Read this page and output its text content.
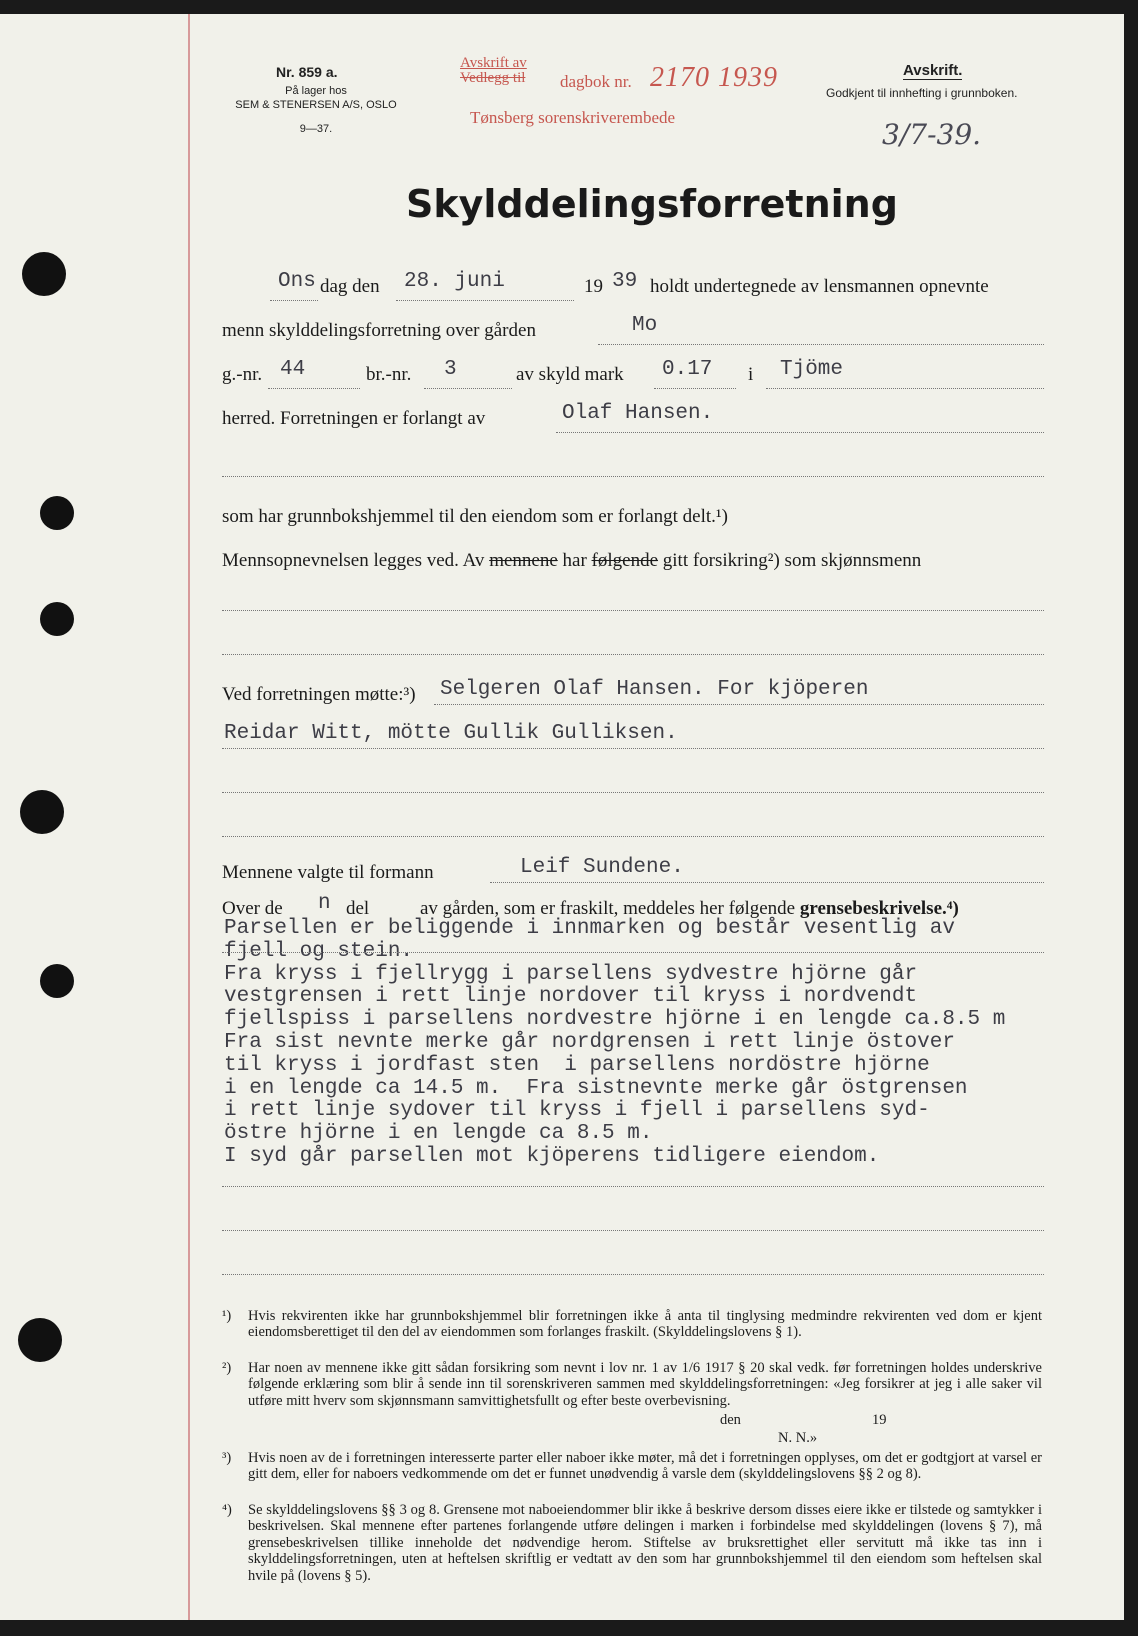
Nr. 859 a.
På lager hos
SEM & STENERSEN A/S, OSLO
9—37.
Avskrift av
Vedlegg til dagbok nr. 2170 1939
Tønsberg sorenskriverembede
Avskrift.
Godkjent til innhefting i grunnboken.
3/7-39.
Skylddelingsforretning
Ons dag den 28. juni	19 39 holdt undertegnede av lensmannen opnevnte
menn skylddelingsforretning over gården	Mo
g.-nr. 44	br.-nr. 3	av skyld mark 0.17 i Tjöme
herred. Forretningen er forlangt av	Olaf Hansen.
som har grunnbokshjemmel til den eiendom som er forlangt delt.¹)
Mennsopnevnelsen legges ved. Av mennene har følgende gitt forsikring²) som skjønnsmenn
Ved forretningen møtte:³) Selgeren Olaf Hansen. For kjöperen
Reidar Witt, mötte Gullik Gulliksen.
Mennene valgte til formann	Leif Sundene.
Over de n del	av gården, som er fraskilt, meddeles her følgende grensebeskrivelse.⁴)
Parsellen er beliggende i innmarken og består vesentlig av
fjell og stein.
Fra kryss i fjellrygg i parsellens sydvestre hjörne går
vestgrensen i rett linje nordover til kryss i nordvendt
fjellspiss i parsellens nordvestre hjörne i en lengde ca.8.5 m
Fra sist nevnte merke går nordgrensen i rett linje östover
til kryss i jordfast sten  i parsellens nordöstre hjörne
i en lengde ca 14.5 m.  Fra sistnevnte merke går östgrensen
i rett linje sydover til kryss i fjell i parsellens syd-
östre hjörne i en lengde ca 8.5 m.
I syd går parsellen mot kjöperens tidligere eiendom.
¹) Hvis rekvirenten ikke har grunnbokshjemmel blir forretningen ikke å anta til tinglysing medmindre rekvirenten ved dom er kjent eiendomsberettiget til den del av eiendommen som forlanges fraskilt. (Skylddelingslovens § 1).
²) Har noen av mennene ikke gitt sådan forsikring som nevnt i lov nr. 1 av 1/6 1917 § 20 skal vedk. før forretningen holdes underskrive følgende erklæring som blir å sende inn til sorenskriveren sammen med skylddelingsforretningen: «Jeg forsikrer at jeg i alle saker vil utføre mitt hverv som skjønnsmann samvittighetsfullt og efter beste overbevisning.
den	19
N. N.»
³) Hvis noen av de i forretningen interesserte parter eller naboer ikke møter, må det i forretningen opplyses, om det er godtgjort at varsel er gitt dem, eller for naboers vedkommende om det er funnet unødvendig å varsle dem (skylddelingslovens §§ 2 og 8).
⁴) Se skylddelingslovens §§ 3 og 8. Grensene mot naboeiendommer blir ikke å beskrive dersom disses eiere ikke er tilstede og samtykker i beskrivelsen. Skal mennene efter partenes forlangende utføre delingen i marken i forbindelse med skylddelingen (lovens § 7), må grensebeskrivelsen tillike inneholde det nødvendige herom. Stiftelse av bruksrettighet eller servitutt må ikke tas inn i skylddelingsforretningen, uten at heftelsen skriftlig er vedtatt av den som har grunnbokshjemmel til den eiendom som heftelsen skal hvile på (lovens § 5).
